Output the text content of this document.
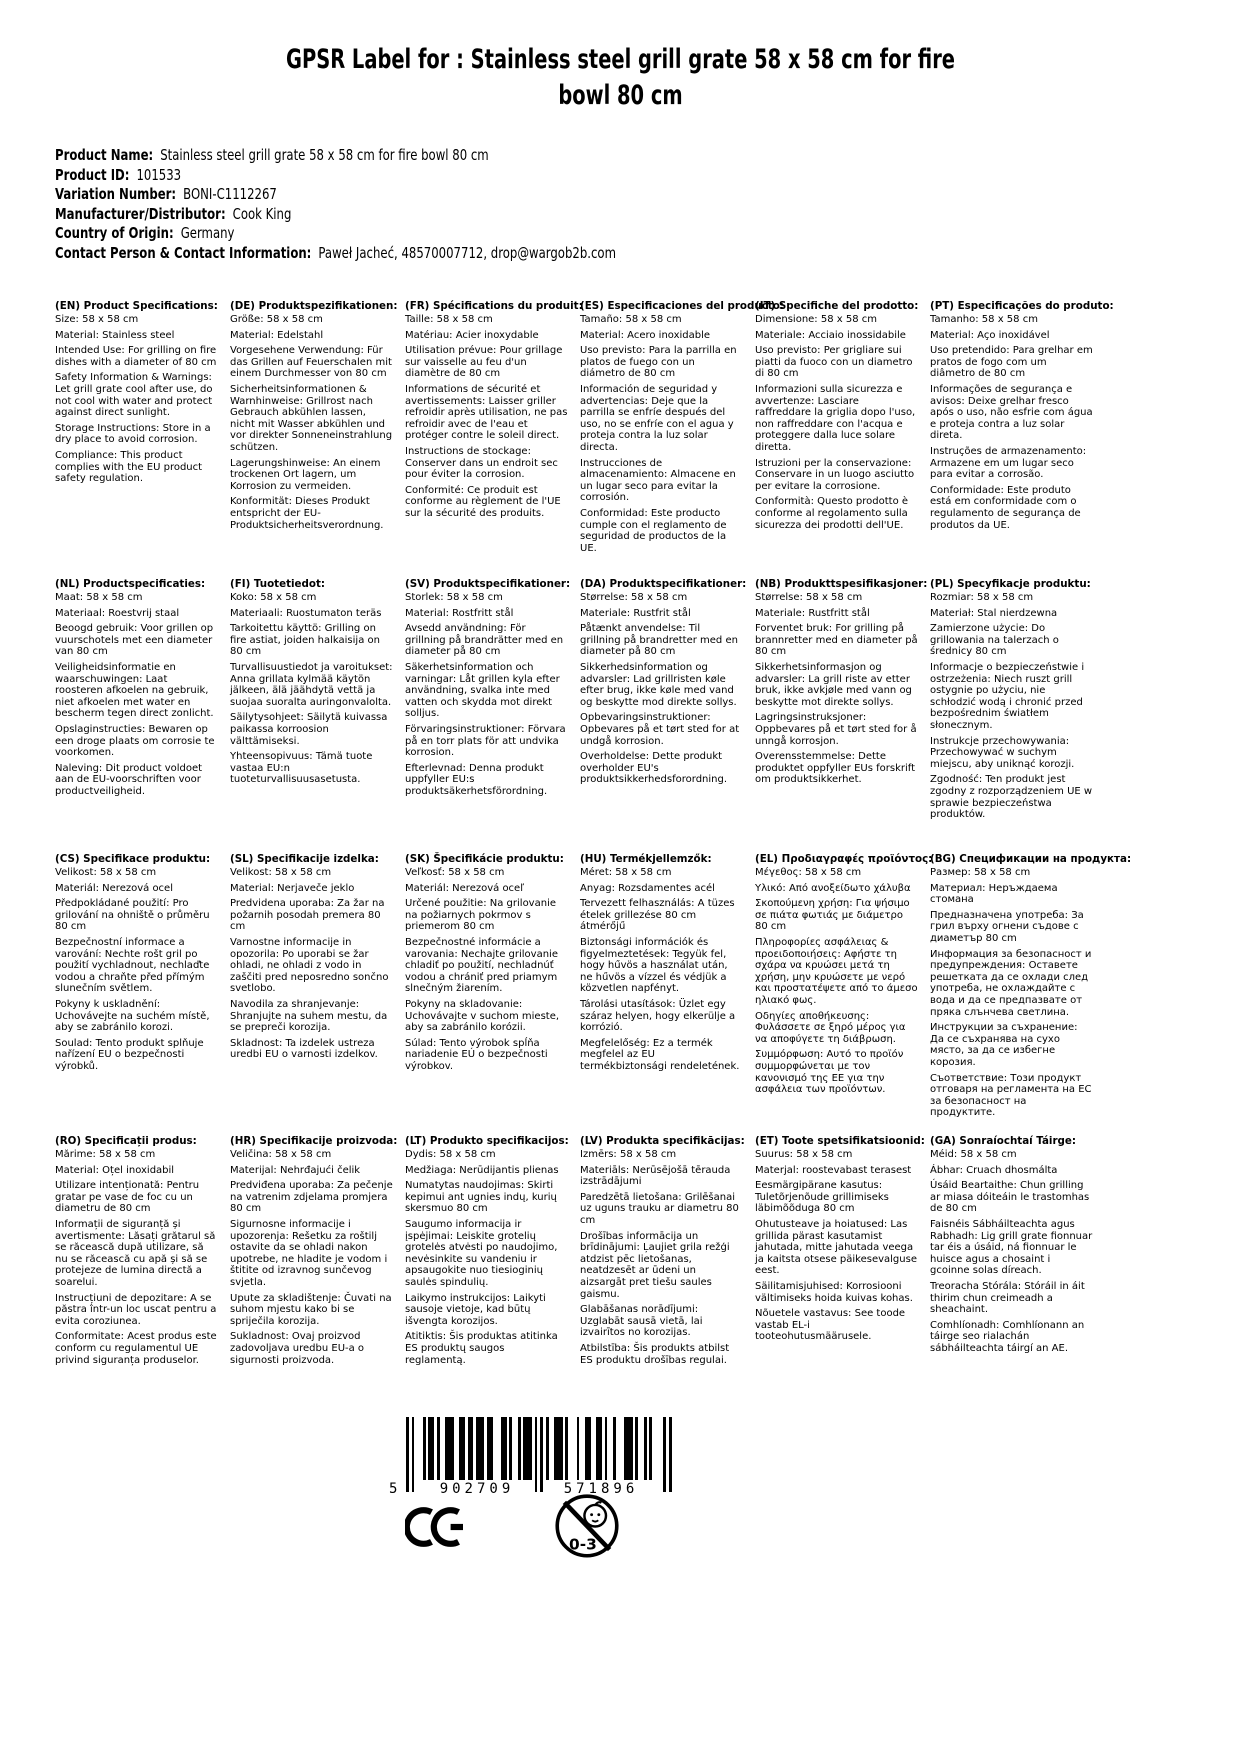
GPSR Label for : Stainless steel grill grate 58 x 58 cm for fire
bowl 80 cm
Product Name: Stainless steel grill grate 58 x 58 cm for fire bowl 80 cm
Product ID: 101533
Variation Number: BONI-C1112267
Manufacturer/Distributor: Cook King
Country of Origin: Germany
Contact Person & Contact Information: Paweł Jacheć, 48570007712, drop@wargob2b.com
(EN) Product Specifications:

Size: 58 x 58 cm

Material: Stainless steel

Intended Use: For grilling on fire dishes with a diameter of 80 cm

Safety Information & Warnings: Let grill grate cool after use, do not cool with water and protect against direct sunlight.

Storage Instructions: Store in a dry place to avoid corrosion.

Compliance: This product complies with the EU product safety regulation.

(DE) Produktspezifikationen:

Größe: 58 x 58 cm

Material: Edelstahl

Vorgesehene Verwendung: Für das Grillen auf Feuerschalen mit einem Durchmesser von 80 cm

Sicherheitsinformationen & Warnhinweise: Grillrost nach Gebrauch abkühlen lassen, nicht mit Wasser abkühlen und vor direkter Sonneneinstrahlung schützen.

Lagerungshinweise: An einem trockenen Ort lagern, um Korrosion zu vermeiden.

Konformität: Dieses Produkt entspricht der EU-Produktsicherheitsverordnung.

(FR) Spécifications du produit:

Taille: 58 x 58 cm

Matériau: Acier inoxydable

Utilisation prévue: Pour grillage sur vaisselle au feu d'un diamètre de 80 cm

Informations de sécurité et avertissements: Laisser griller refroidir après utilisation, ne pas refroidir avec de l'eau et protéger contre le soleil direct.

Instructions de stockage: Conserver dans un endroit sec pour éviter la corrosion.

Conformité: Ce produit est conforme au règlement de l'UE sur la sécurité des produits.

(ES) Especificaciones del producto:

Tamaño: 58 x 58 cm

Material: Acero inoxidable

Uso previsto: Para la parrilla en platos de fuego con un diámetro de 80 cm

Información de seguridad y advertencias: Deje que la parrilla se enfríe después del uso, no se enfríe con el agua y proteja contra la luz solar directa.

Instrucciones de almacenamiento: Almacene en un lugar seco para evitar la corrosión.

Conformidad: Este producto cumple con el reglamento de seguridad de productos de la UE.

(IT) Specifiche del prodotto:

Dimensione: 58 x 58 cm

Materiale: Acciaio inossidabile

Uso previsto: Per grigliare sui piatti da fuoco con un diametro di 80 cm

Informazioni sulla sicurezza e avvertenze: Lasciare raffreddare la griglia dopo l'uso, non raffreddare con l'acqua e proteggere dalla luce solare diretta.

Istruzioni per la conservazione: Conservare in un luogo asciutto per evitare la corrosione.

Conformità: Questo prodotto è conforme al regolamento sulla sicurezza dei prodotti dell'UE.

(PT) Especificações do produto:

Tamanho: 58 x 58 cm

Material: Aço inoxidável

Uso pretendido: Para grelhar em pratos de fogo com um diâmetro de 80 cm

Informações de segurança e avisos: Deixe grelhar fresco após o uso, não esfrie com água e proteja contra a luz solar direta.

Instruções de armazenamento: Armazene em um lugar seco para evitar a corrosão.

Conformidade: Este produto está em conformidade com o regulamento de segurança de produtos da UE.

(NL) Productspecificaties:

Maat: 58 x 58 cm

Materiaal: Roestvrij staal

Beoogd gebruik: Voor grillen op vuurschotels met een diameter van 80 cm

Veiligheidsinformatie en waarschuwingen: Laat roosteren afkoelen na gebruik, niet afkoelen met water en bescherm tegen direct zonlicht.

Opslaginstructies: Bewaren op een droge plaats om corrosie te voorkomen.

Naleving: Dit product voldoet aan de EU-voorschriften voor productveiligheid.

(FI) Tuotetiedot:

Koko: 58 x 58 cm

Materiaali: Ruostumaton teräs

Tarkoitettu käyttö: Grilling on fire astiat, joiden halkaisija on 80 cm

Turvallisuustiedot ja varoitukset: Anna grillata kylmää käytön jälkeen, älä jäähdytä vettä ja suojaa suoralta auringonvalolta.

Säilytysohjeet: Säilytä kuivassa paikassa korroosion välttämiseksi.

Yhteensopivuus: Tämä tuote vastaa EU:n tuoteturvallisuusasetusta.

(SV) Produktspecifikationer:

Storlek: 58 x 58 cm

Material: Rostfritt stål

Avsedd användning: För grillning på brandrätter med en diameter på 80 cm

Säkerhetsinformation och varningar: Låt grillen kyla efter användning, svalka inte med vatten och skydda mot direkt solljus.

Förvaringsinstruktioner: Förvara på en torr plats för att undvika korrosion.

Efterlevnad: Denna produkt uppfyller EU:s produktsäkerhetsförordning.

(DA) Produktspecifikationer:

Størrelse: 58 x 58 cm

Materiale: Rustfrit stål

Påtænkt anvendelse: Til grillning på brandretter med en diameter på 80 cm

Sikkerhedsinformation og advarsler: Lad grillristen køle efter brug, ikke køle med vand og beskytte mod direkte sollys.

Opbevaringsinstruktioner: Opbevares på et tørt sted for at undgå korrosion.

Overholdelse: Dette produkt overholder EU's produktsikkerhedsforordning.

(NB) Produkttspesifikasjoner:

Størrelse: 58 x 58 cm

Materiale: Rustfritt stål

Forventet bruk: For grilling på brannretter med en diameter på 80 cm

Sikkerhetsinformasjon og advarsler: La grill riste av etter bruk, ikke avkjøle med vann og beskytte mot direkte sollys.

Lagringsinstruksjoner: Oppbevares på et tørt sted for å unngå korrosjon.

Overensstemmelse: Dette produktet oppfyller EUs forskrift om produktsikkerhet.

(PL) Specyfikacje produktu:

Rozmiar: 58 x 58 cm

Materiał: Stal nierdzewna

Zamierzone użycie: Do grillowania na talerzach o średnicy 80 cm

Informacje o bezpieczeństwie i ostrzeżenia: Niech ruszt grill ostygnie po użyciu, nie schłodzić wodą i chronić przed bezpośrednim światłem słonecznym.

Instrukcje przechowywania: Przechowywać w suchym miejscu, aby uniknąć korozji.

Zgodność: Ten produkt jest zgodny z rozporządzeniem UE w sprawie bezpieczeństwa produktów.

(CS) Specifikace produktu:

Velikost: 58 x 58 cm

Materiál: Nerezová ocel

Předpokládané použití: Pro grilování na ohniště o průměru 80 cm

Bezpečnostní informace a varování: Nechte rošt gril po použití vychladnout, nechlaďte vodou a chraňte před přímým slunečním světlem.

Pokyny k uskladnění: Uchovávejte na suchém místě, aby se zabránilo korozi.

Soulad: Tento produkt splňuje nařízení EU o bezpečnosti výrobků.

(SL) Specifikacije izdelka:

Velikost: 58 x 58 cm

Material: Nerjaveče jeklo

Predvidena uporaba: Za žar na požarnih posodah premera 80 cm

Varnostne informacije in opozorila: Po uporabi se žar ohladi, ne ohladi z vodo in zaščiti pred neposredno sončno svetlobo.

Navodila za shranjevanje: Shranjujte na suhem mestu, da se prepreči korozija.

Skladnost: Ta izdelek ustreza uredbi EU o varnosti izdelkov.

(SK) Špecifikácie produktu:

Veľkosť: 58 x 58 cm

Materiál: Nerezová oceľ

Určené použitie: Na grilovanie na požiarnych pokrmov s priemerom 80 cm

Bezpečnostné informácie a varovania: Nechajte grilovanie chladiť po použití, nechladnúť vodou a chrániť pred priamym slnečným žiarením.

Pokyny na skladovanie: Uchovávajte v suchom mieste, aby sa zabránilo korózii.

Súlad: Tento výrobok spĺňa nariadenie EÚ o bezpečnosti výrobkov.

(HU) Termékjellemzők:

Méret: 58 x 58 cm

Anyag: Rozsdamentes acél

Tervezett felhasználás: A tüzes ételek grillezése 80 cm átmérőjű

Biztonsági információk és figyelmeztetések: Tegyük fel, hogy hűvös a használat után, ne hűvös a vízzel és védjük a közvetlen napfényt.

Tárolási utasítások: Üzlet egy száraz helyen, hogy elkerülje a korrózió.

Megfelelőség: Ez a termék megfelel az EU termékbiztonsági rendeletének.

(EL) Προδιαγραφές προϊόντος:

Μέγεθος: 58 x 58 cm

Υλικό: Από ανοξείδωτο χάλυβα

Σκοπούμενη χρήση: Για ψήσιμο σε πιάτα φωτιάς με διάμετρο 80 cm

Πληροφορίες ασφάλειας & προειδοποιήσεις: Αφήστε τη σχάρα να κρυώσει μετά τη χρήση, μην κρυώσετε με νερό και προστατέψετε από το άμεσο ηλιακό φως.

Οδηγίες αποθήκευσης: Φυλάσσετε σε ξηρό μέρος για να αποφύγετε τη διάβρωση.

Συμμόρφωση: Αυτό το προϊόν συμμορφώνεται με τον κανονισμό της ΕΕ για την ασφάλεια των προϊόντων.

(BG) Спецификации на продукта:

Размер: 58 x 58 cm

Материал: Неръждаема стомана

Предназначена употреба: За грил върху огнени съдове с диаметър 80 cm

Информация за безопасност и предупреждения: Оставете решетката да се охлади след употреба, не охлаждайте с вода и да се предпазвате от пряка слънчева светлина.

Инструкции за съхранение: Да се съхранява на сухо място, за да се избегне корозия.

Съответствие: Този продукт отговаря на регламента на ЕС за безопасност на продуктите.

(RO) Specificații produs:

Mărime: 58 x 58 cm

Material: Oțel inoxidabil

Utilizare intenționată: Pentru gratar pe vase de foc cu un diametru de 80 cm

Informații de siguranță și avertismente: Lăsați grătarul să se răcească după utilizare, să nu se răcească cu apă și să se protejeze de lumina directă a soarelui.

Instrucțiuni de depozitare: A se păstra într-un loc uscat pentru a evita coroziunea.

Conformitate: Acest produs este conform cu regulamentul UE privind siguranța produselor.

(HR) Specifikacije proizvoda:

Veličina: 58 x 58 cm

Materijal: Nehrđajući čelik

Predviđena uporaba: Za pečenje na vatrenim zdjelama promjera 80 cm

Sigurnosne informacije i upozorenja: Rešetku za roštilj ostavite da se ohladi nakon upotrebe, ne hladite je vodom i štitite od izravnog sunčevog svjetla.

Upute za skladištenje: Čuvati na suhom mjestu kako bi se spriječila korozija.

Sukladnost: Ovaj proizvod zadovoljava uredbu EU-a o sigurnosti proizvoda.

(LT) Produkto specifikacijos:

Dydis: 58 x 58 cm

Medžiaga: Nerūdijantis plienas

Numatytas naudojimas: Skirti kepimui ant ugnies indų, kurių skersmuo 80 cm

Saugumo informacija ir įspėjimai: Leiskite grotelių grotelės atvėsti po naudojimo, nevėsinkite su vandeniu ir apsaugokite nuo tiesioginių saulės spindulių.

Laikymo instrukcijos: Laikyti sausoje vietoje, kad būtų išvengta korozijos.

Atitiktis: Šis produktas atitinka ES produktų saugos reglamentą.

(LV) Produkta specifikācijas:

Izmērs: 58 x 58 cm

Materiāls: Nerūsējošā tērauda izstrādājumi

Paredzētā lietošana: Grilēšanai uz uguns trauku ar diametru 80 cm

Drošības informācija un brīdinājumi: Ļaujiet grila režģi atdzist pēc lietošanas, neatdzesēt ar ūdeni un aizsargāt pret tiešu saules gaismu.

Glabāšanas norādījumi: Uzglabāt sausā vietā, lai izvairītos no korozijas.

Atbilstība: Šis produkts atbilst ES produktu drošības regulai.

(ET) Toote spetsifikatsioonid:

Suurus: 58 x 58 cm

Materjal: roostevabast terasest

Eesmärgipärane kasutus: Tuletõrjenõude grillimiseks läbimõõduga 80 cm

Ohutusteave ja hoiatused: Las grillida pärast kasutamist jahutada, mitte jahutada veega ja kaitsta otsese päikesevalguse eest.

Säilitamisjuhised: Korrosiooni vältimiseks hoida kuivas kohas.

Nõuetele vastavus: See toode vastab EL-i tooteohutusmäärusele.

(GA) Sonraíochtaí Táirge:

Méid: 58 x 58 cm

Ábhar: Cruach dhosmálta

Úsáid Beartaithe: Chun grilling ar miasa dóiteáin le trastomhas de 80 cm

Faisnéis Sábháilteachta agus Rabhadh: Lig grill grate fionnuar tar éis a úsáid, ná fionnuar le huisce agus a chosaint i gcoinne solas díreach.

Treoracha Stórála: Stóráil in áit thirim chun creimeadh a sheachaint.

Comhlíonadh: Comhlíonann an táirge seo rialachán sábháilteachta táirgí an AE.

5	902709	571896
0-3
